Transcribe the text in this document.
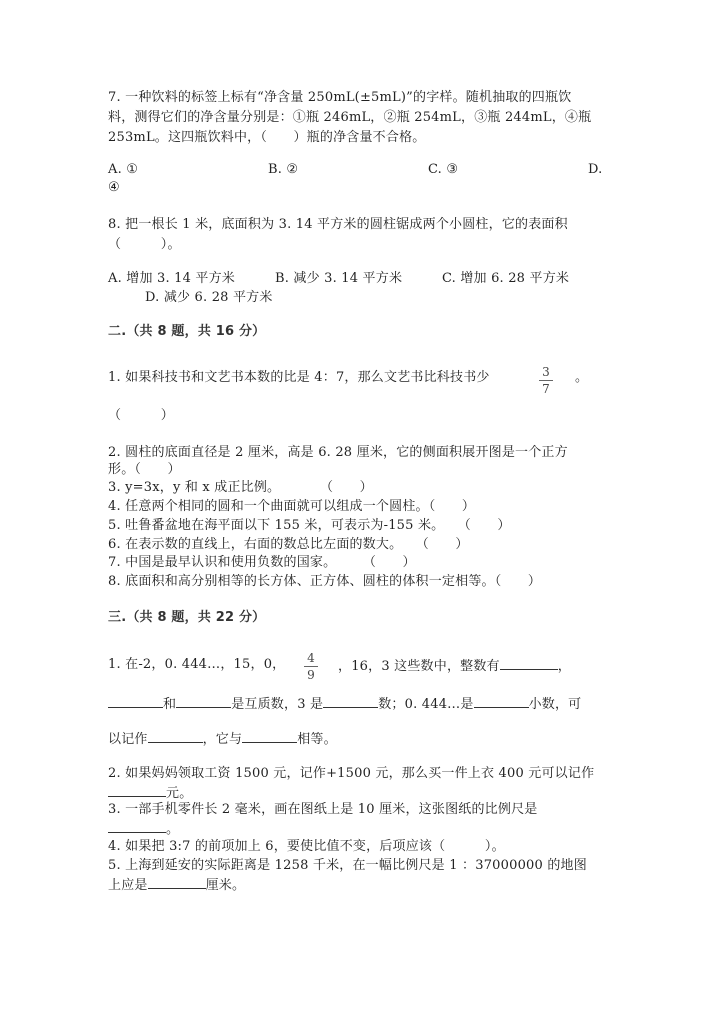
7. 一种饮料的标签上标有“净含量 250mL(±5mL)”的字样。随机抽取的四瓶饮
料，测得它们的净含量分别是：①瓶 246mL，②瓶 254mL，③瓶 244mL，④瓶
253mL。这四瓶饮料中，（　　）瓶的净含量不合格。
A. ①	B. ②	C. ③	D.
④
8. 把一根长 1 米，底面积为 3. 14 平方米的圆柱锯成两个小圆柱，它的表面积
（　　　）。
A. 增加 3. 14 平方米	B. 减少 3. 14 平方米	C. 增加 6. 28 平方米
D. 减少 6. 28 平方米
二.（共 8 题，共 16 分）
1. 如果科技书和文艺书本数的比是 4：7，那么文艺书比科技书少	$\frac{3}{7}$ 。
（　　　）
2. 圆柱的底面直径是 2 厘米，高是 6. 28 厘米，它的侧面积展开图是一个正方
形。（　　）
3. y=3x，y 和 x 成正比例。　　　　（　　）
4. 任意两个相同的圆和一个曲面就可以组成一个圆柱。（　　）
5. 吐鲁番盆地在海平面以下 155 米，可表示为-155 米。　　（　　）
6. 在表示数的直线上，右面的数总比左面的数大。　　（　　）
7. 中国是最早认识和使用负数的国家。　　　（　　）
8. 底面积和高分别相等的长方体、正方体、圆柱的体积一定相等。（　　）
三.（共 8 题，共 22 分）
1. 在-2，0. 444…，15，0， $\frac{4}{9}$ ，16，3 这些数中，整数有	，
和	是互质数，3 是	数；0. 444…是	小数，可
以记作	，它与	相等。
2. 如果妈妈领取工资 1500 元，记作+1500 元，那么买一件上衣 400 元可以记作
元。
3. 一部手机零件长 2 毫米，画在图纸上是 10 厘米，这张图纸的比例尺是
。
4. 如果把 3:7 的前项加上 6，要使比值不变，后项应该（　　　）。
5. 上海到延安的实际距离是 1258 千米，在一幅比例尺是 1 ：37000000 的地图
上应是	厘米。
